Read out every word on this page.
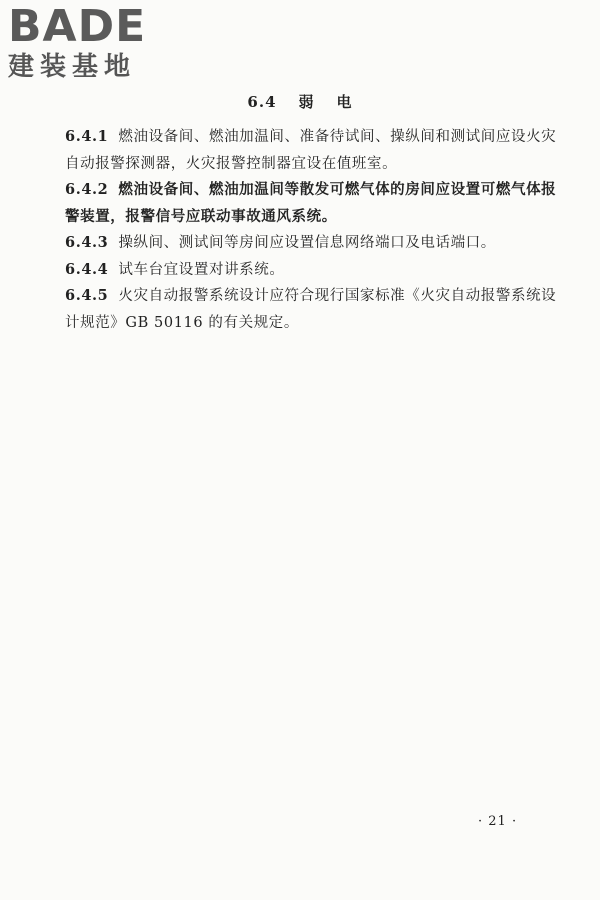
BADE
建装基地
6.4 弱 电
6.4.1 燃油设备间、燃油加温间、准备待试间、操纵间和测试间应设火灾自动报警探测器，火灾报警控制器宜设在值班室。
6.4.2 燃油设备间、燃油加温间等散发可燃气体的房间应设置可燃气体报警装置，报警信号应联动事故通风系统。
6.4.3 操纵间、测试间等房间应设置信息网络端口及电话端口。
6.4.4 试车台宜设置对讲系统。
6.4.5 火灾自动报警系统设计应符合现行国家标准《火灾自动报警系统设计规范》GB 50116 的有关规定。
· 21 ·
